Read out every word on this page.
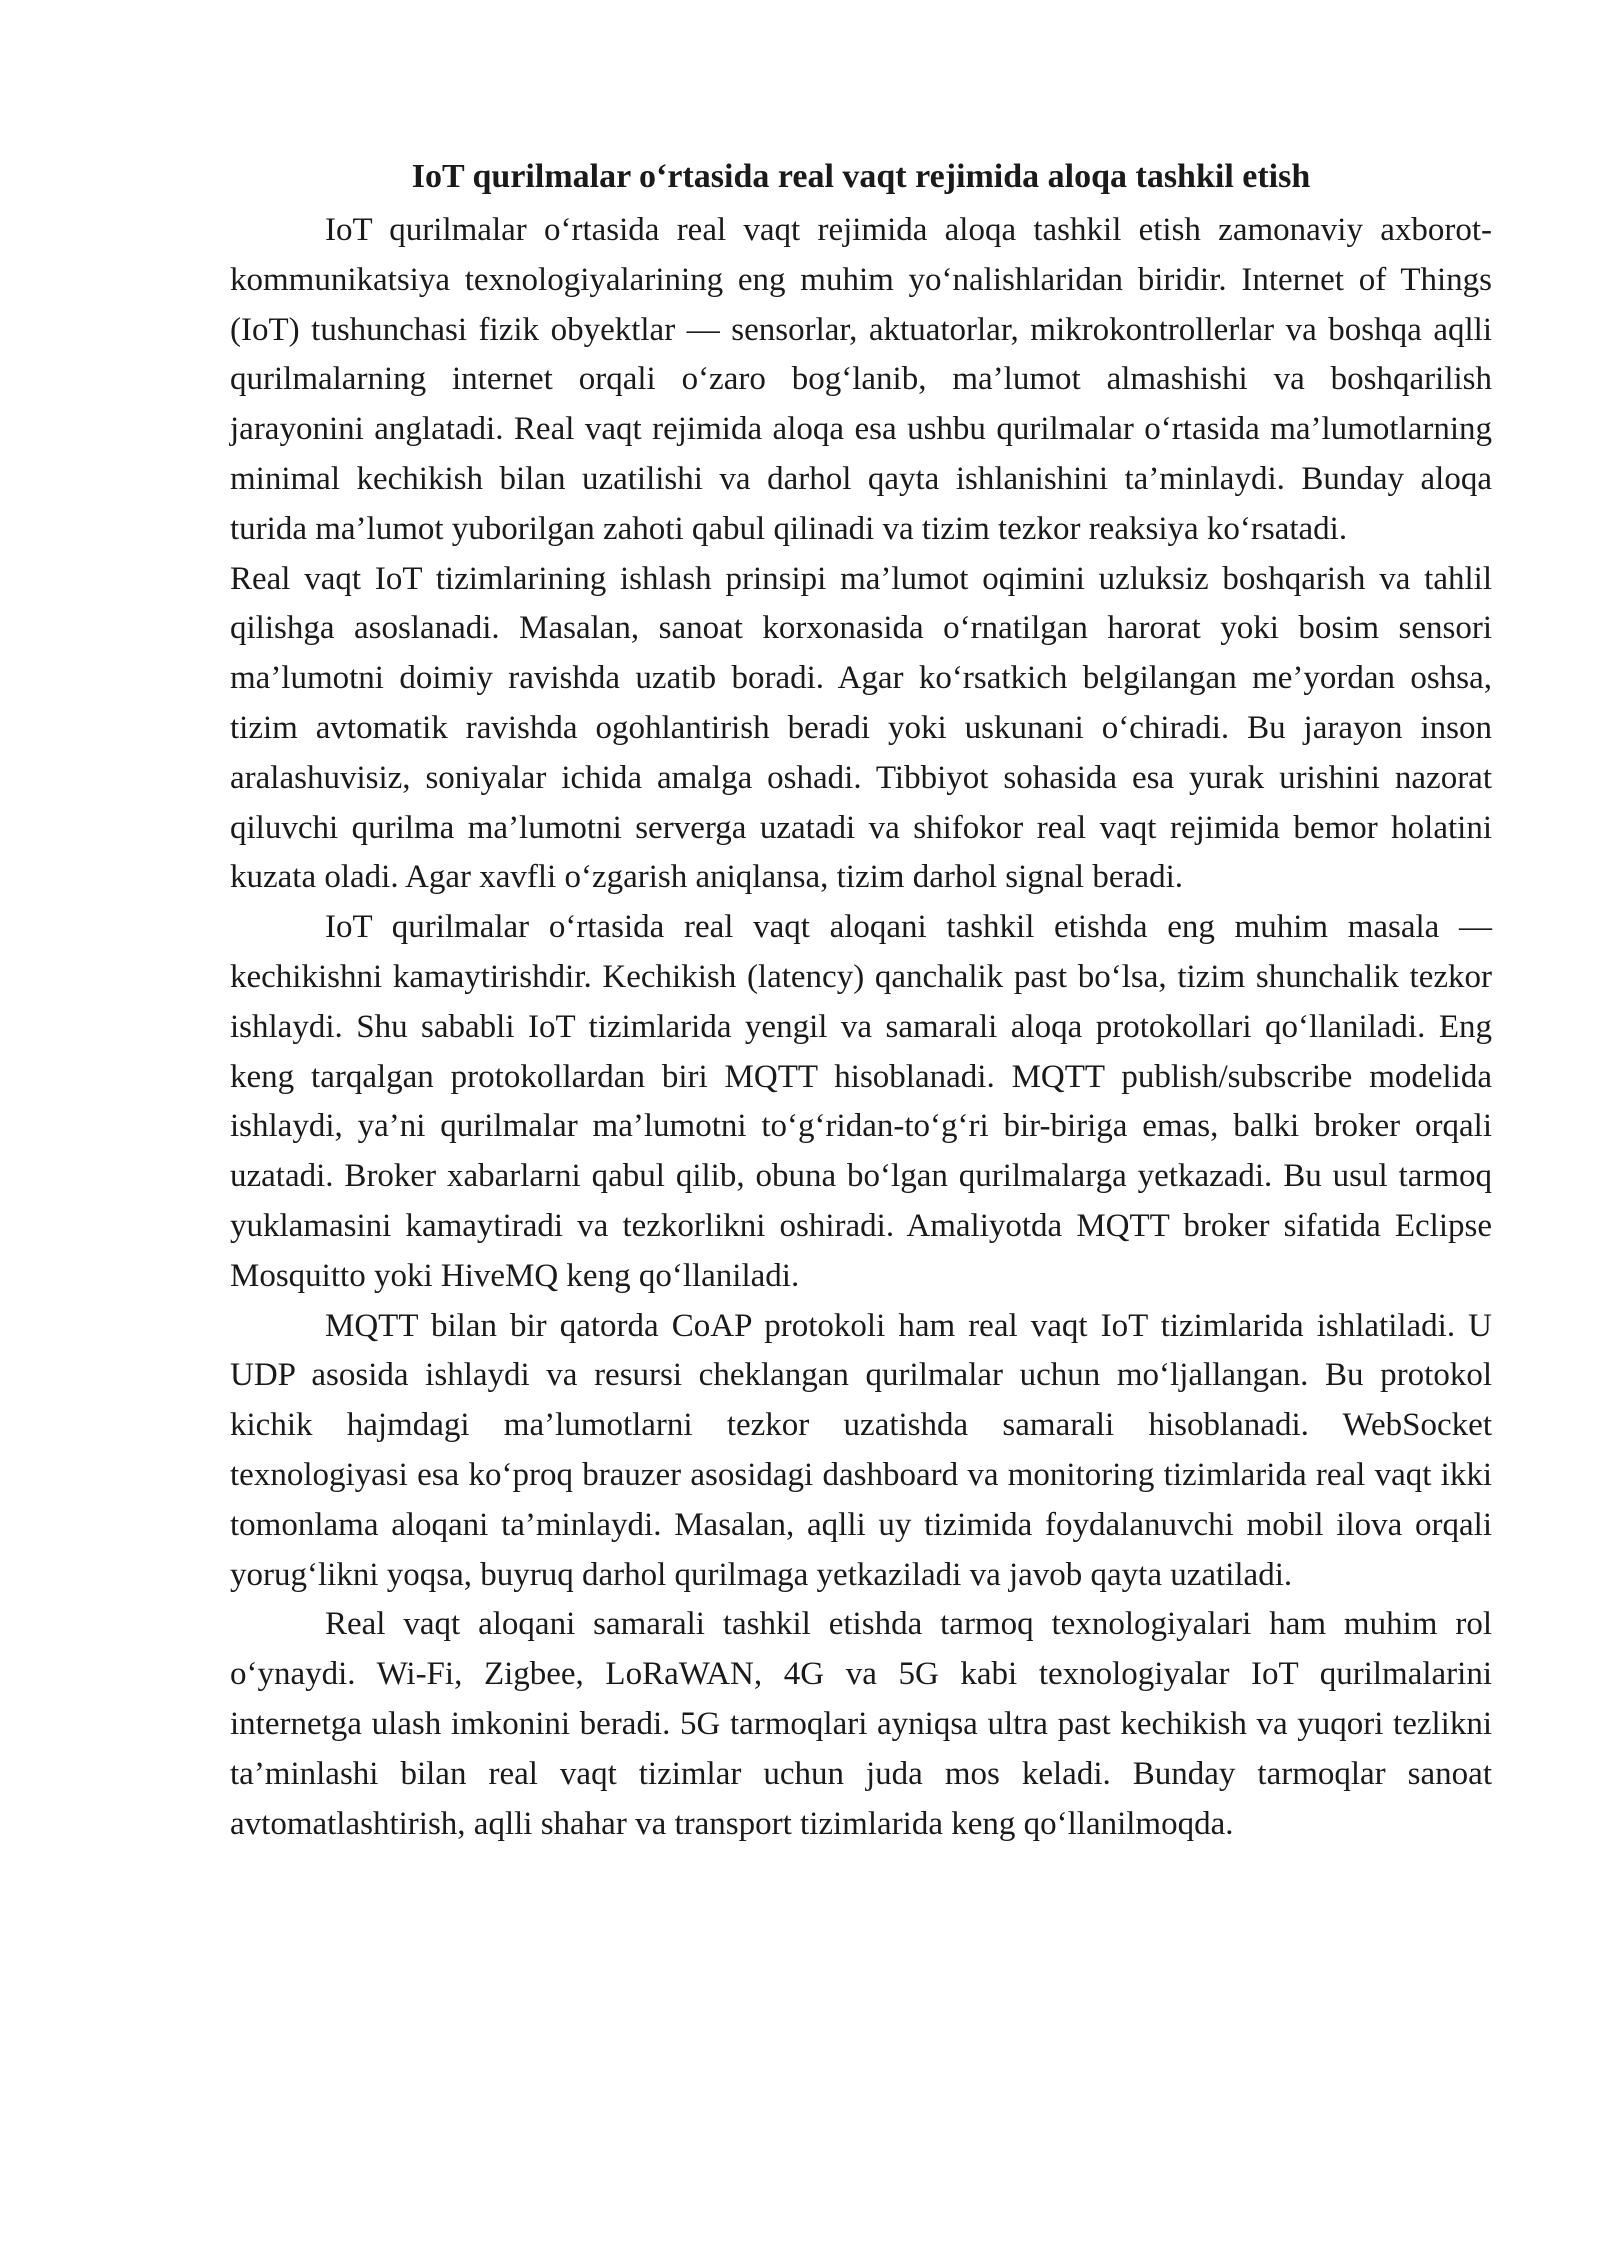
IoT qurilmalar o‘rtasida real vaqt rejimida aloqa tashkil etish

IoT qurilmalar o‘rtasida real vaqt rejimida aloqa tashkil etish zamonaviy axborot-kommunikatsiya texnologiyalarining eng muhim yo‘nalishlaridan biridir. Internet of Things (IoT) tushunchasi fizik obyektlar — sensorlar, aktuatorlar, mikrokontrollerlar va boshqa aqlli qurilmalarning internet orqali o‘zaro bog‘lanib, ma’lumot almashishi va boshqarilish jarayonini anglatadi. Real vaqt rejimida aloqa esa ushbu qurilmalar o‘rtasida ma’lumotlarning minimal kechikish bilan uzatilishi va darhol qayta ishlanishini ta’minlaydi. Bunday aloqa turida ma’lumot yuborilgan zahoti qabul qilinadi va tizim tezkor reaksiya ko‘rsatadi.

Real vaqt IoT tizimlarining ishlash prinsipi ma’lumot oqimini uzluksiz boshqarish va tahlil qilishga asoslanadi. Masalan, sanoat korxonasida o‘rnatilgan harorat yoki bosim sensori ma’lumotni doimiy ravishda uzatib boradi. Agar ko‘rsatkich belgilangan me’yordan oshsa, tizim avtomatik ravishda ogohlantirish beradi yoki uskunani o‘chiradi. Bu jarayon inson aralashuvisiz, soniyalar ichida amalga oshadi. Tibbiyot sohasida esa yurak urishini nazorat qiluvchi qurilma ma’lumotni serverga uzatadi va shifokor real vaqt rejimida bemor holatini kuzata oladi. Agar xavfli o‘zgarish aniqlansa, tizim darhol signal beradi.

IoT qurilmalar o‘rtasida real vaqt aloqani tashkil etishda eng muhim masala — kechikishni kamaytirishdir. Kechikish (latency) qanchalik past bo‘lsa, tizim shunchalik tezkor ishlaydi. Shu sababli IoT tizimlarida yengil va samarali aloqa protokollari qo‘llaniladi. Eng keng tarqalgan protokollardan biri MQTT hisoblanadi. MQTT publish/subscribe modelida ishlaydi, ya’ni qurilmalar ma’lumotni to‘g‘ridan-to‘g‘ri bir-biriga emas, balki broker orqali uzatadi. Broker xabarlarni qabul qilib, obuna bo‘lgan qurilmalarga yetkazadi. Bu usul tarmoq yuklamasini kamaytiradi va tezkorlikni oshiradi. Amaliyotda MQTT broker sifatida Eclipse Mosquitto yoki HiveMQ keng qo‘llaniladi.

MQTT bilan bir qatorda CoAP protokoli ham real vaqt IoT tizimlarida ishlatiladi. U UDP asosida ishlaydi va resursi cheklangan qurilmalar uchun mo‘ljallangan. Bu protokol kichik hajmdagi ma’lumotlarni tezkor uzatishda samarali hisoblanadi. WebSocket texnologiyasi esa ko‘proq brauzer asosidagi dashboard va monitoring tizimlarida real vaqt ikki tomonlama aloqani ta’minlaydi. Masalan, aqlli uy tizimida foydalanuvchi mobil ilova orqali yorug‘likni yoqsa, buyruq darhol qurilmaga yetkaziladi va javob qayta uzatiladi.

Real vaqt aloqani samarali tashkil etishda tarmoq texnologiyalari ham muhim rol o‘ynaydi. Wi-Fi, Zigbee, LoRaWAN, 4G va 5G kabi texnologiyalar IoT qurilmalarini internetga ulash imkonini beradi. 5G tarmoqlari ayniqsa ultra past kechikish va yuqori tezlikni ta’minlashi bilan real vaqt tizimlar uchun juda mos keladi. Bunday tarmoqlar sanoat avtomatlashtirish, aqlli shahar va transport tizimlarida keng qo‘llanilmoqda.
